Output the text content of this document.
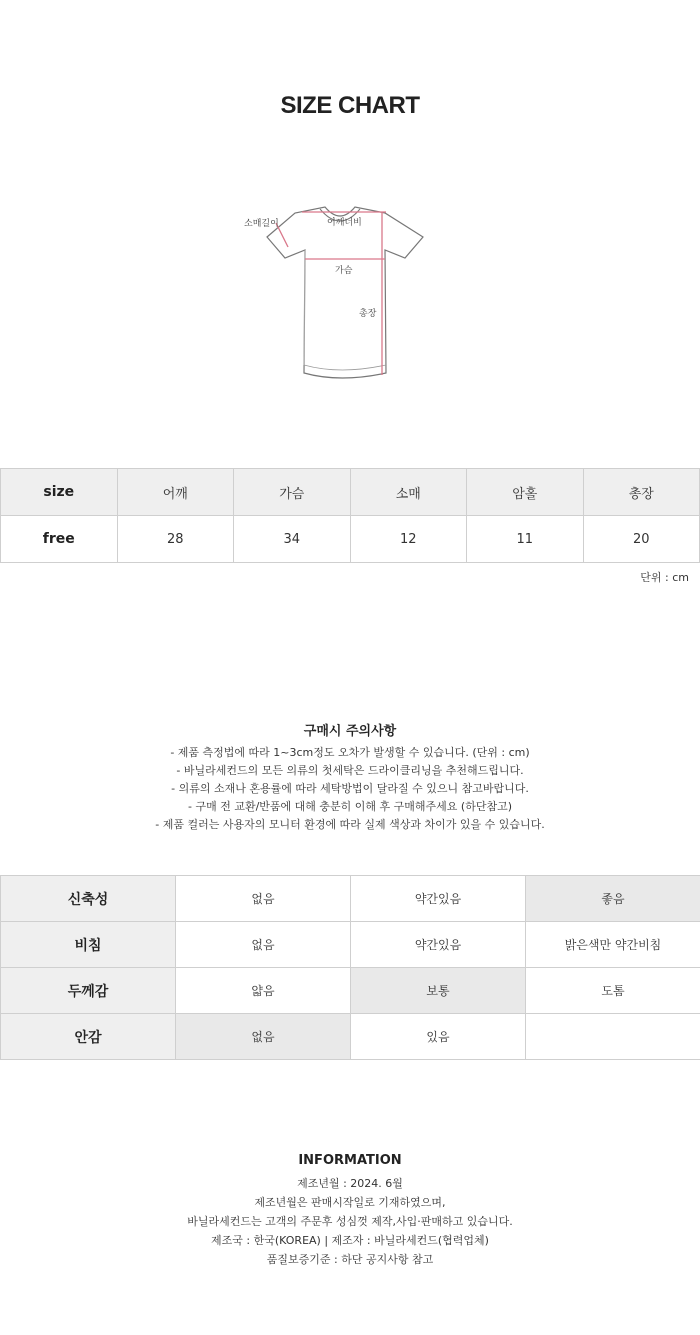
SIZE CHART
소매길이	어깨너비
가슴
총장
size	어깨	가슴	소매	암홀	총장
free	28	34	12	11	20
단위 : cm
구매시 주의사항
- 제품 측정법에 따라 1~3cm정도 오차가 발생할 수 있습니다. (단위 : cm)
- 바닐라세컨드의 모든 의류의 첫세탁은 드라이클리닝을 추천해드립니다.
- 의류의 소재나 혼용률에 따라 세탁방법이 달라질 수 있으니 참고바랍니다.
- 구매 전 교환/반품에 대해 충분히 이해 후 구매해주세요 (하단참고)
- 제품 컬러는 사용자의 모니터 환경에 따라 실제 색상과 차이가 있을 수 있습니다.
신축성	없음	약간있음	좋음
비침	없음	약간있음	밝은색만 약간비침
두께감	얇음	보통	도톰
안감	없음	있음	
INFORMATION
제조년월 : 2024. 6월
제조년월은 판매시작일로 기재하였으며,
바닐라세컨드는 고객의 주문후 성심껏 제작,사입·판매하고 있습니다.
제조국 : 한국(KOREA) | 제조자 : 바닐라세컨드(협력업체)
품질보증기준 : 하단 공지사항 참고
